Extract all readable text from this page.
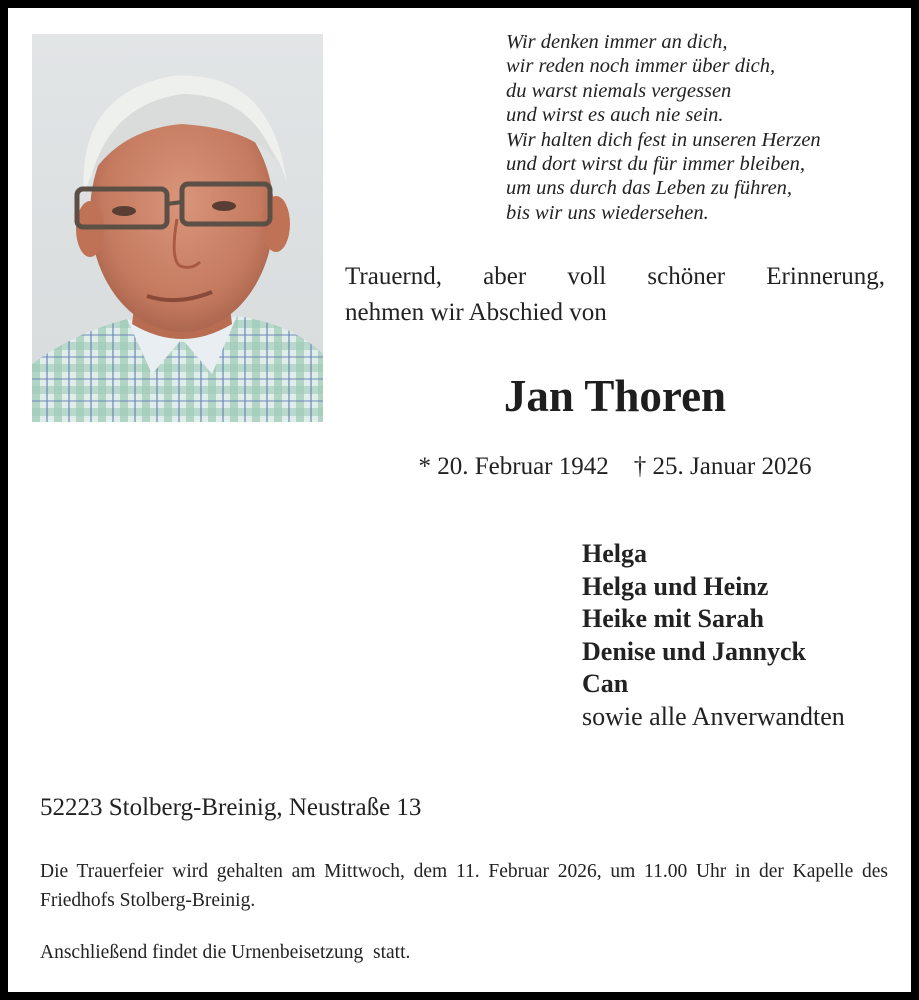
Wir denken immer an dich,
wir reden noch immer über dich,
du warst niemals vergessen
und wirst es auch nie sein.
Wir halten dich fest in unseren Herzen
und dort wirst du für immer bleiben,
um uns durch das Leben zu führen,
bis wir uns wiedersehen.
Trauernd, aber voll schöner Erinnerung,
nehmen wir Abschied von
Jan Thoren
* 20. Februar 1942    † 25. Januar 2026
Helga
Helga und Heinz
Heike mit Sarah
Denise und Jannyck
Can
sowie alle Anverwandten
52223 Stolberg-Breinig, Neustraße 13
Die Trauerfeier wird gehalten am Mittwoch, dem 11. Februar 2026, um 11.00 Uhr in der Kapelle des Friedhofs Stolberg-Breinig.
Anschließend findet die Urnenbeisetzung  statt.
